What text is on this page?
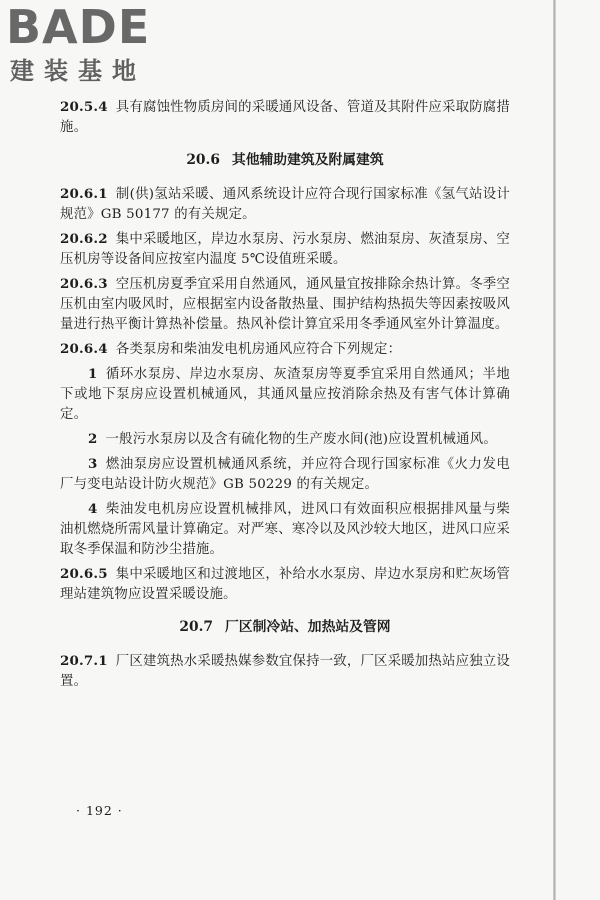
BADE
建装基地

20.5.4 具有腐蚀性物质房间的采暖通风设备、管道及其附件应采取防腐措施。

20.6 其他辅助建筑及附属建筑

20.6.1 制(供)氢站采暖、通风系统设计应符合现行国家标准《氢气站设计规范》GB 50177 的有关规定。

20.6.2 集中采暖地区，岸边水泵房、污水泵房、燃油泵房、灰渣泵房、空压机房等设备间应按室内温度 5℃设值班采暖。

20.6.3 空压机房夏季宜采用自然通风，通风量宜按排除余热计算。冬季空压机由室内吸风时，应根据室内设备散热量、围护结构热损失等因素按吸风量进行热平衡计算热补偿量。热风补偿计算宜采用冬季通风室外计算温度。

20.6.4 各类泵房和柴油发电机房通风应符合下列规定：

1 循环水泵房、岸边水泵房、灰渣泵房等夏季宜采用自然通风；半地下或地下泵房应设置机械通风，其通风量应按消除余热及有害气体计算确定。

2 一般污水泵房以及含有硫化物的生产废水间(池)应设置机械通风。

3 燃油泵房应设置机械通风系统，并应符合现行国家标准《火力发电厂与变电站设计防火规范》GB 50229 的有关规定。

4 柴油发电机房应设置机械排风，进风口有效面积应根据排风量与柴油机燃烧所需风量计算确定。对严寒、寒冷以及风沙较大地区，进风口应采取冬季保温和防沙尘措施。

20.6.5 集中采暖地区和过渡地区，补给水水泵房、岸边水泵房和贮灰场管理站建筑物应设置采暖设施。

20.7 厂区制冷站、加热站及管网

20.7.1 厂区建筑热水采暖热媒参数宜保持一致，厂区采暖加热站应独立设置。

· 192 ·
